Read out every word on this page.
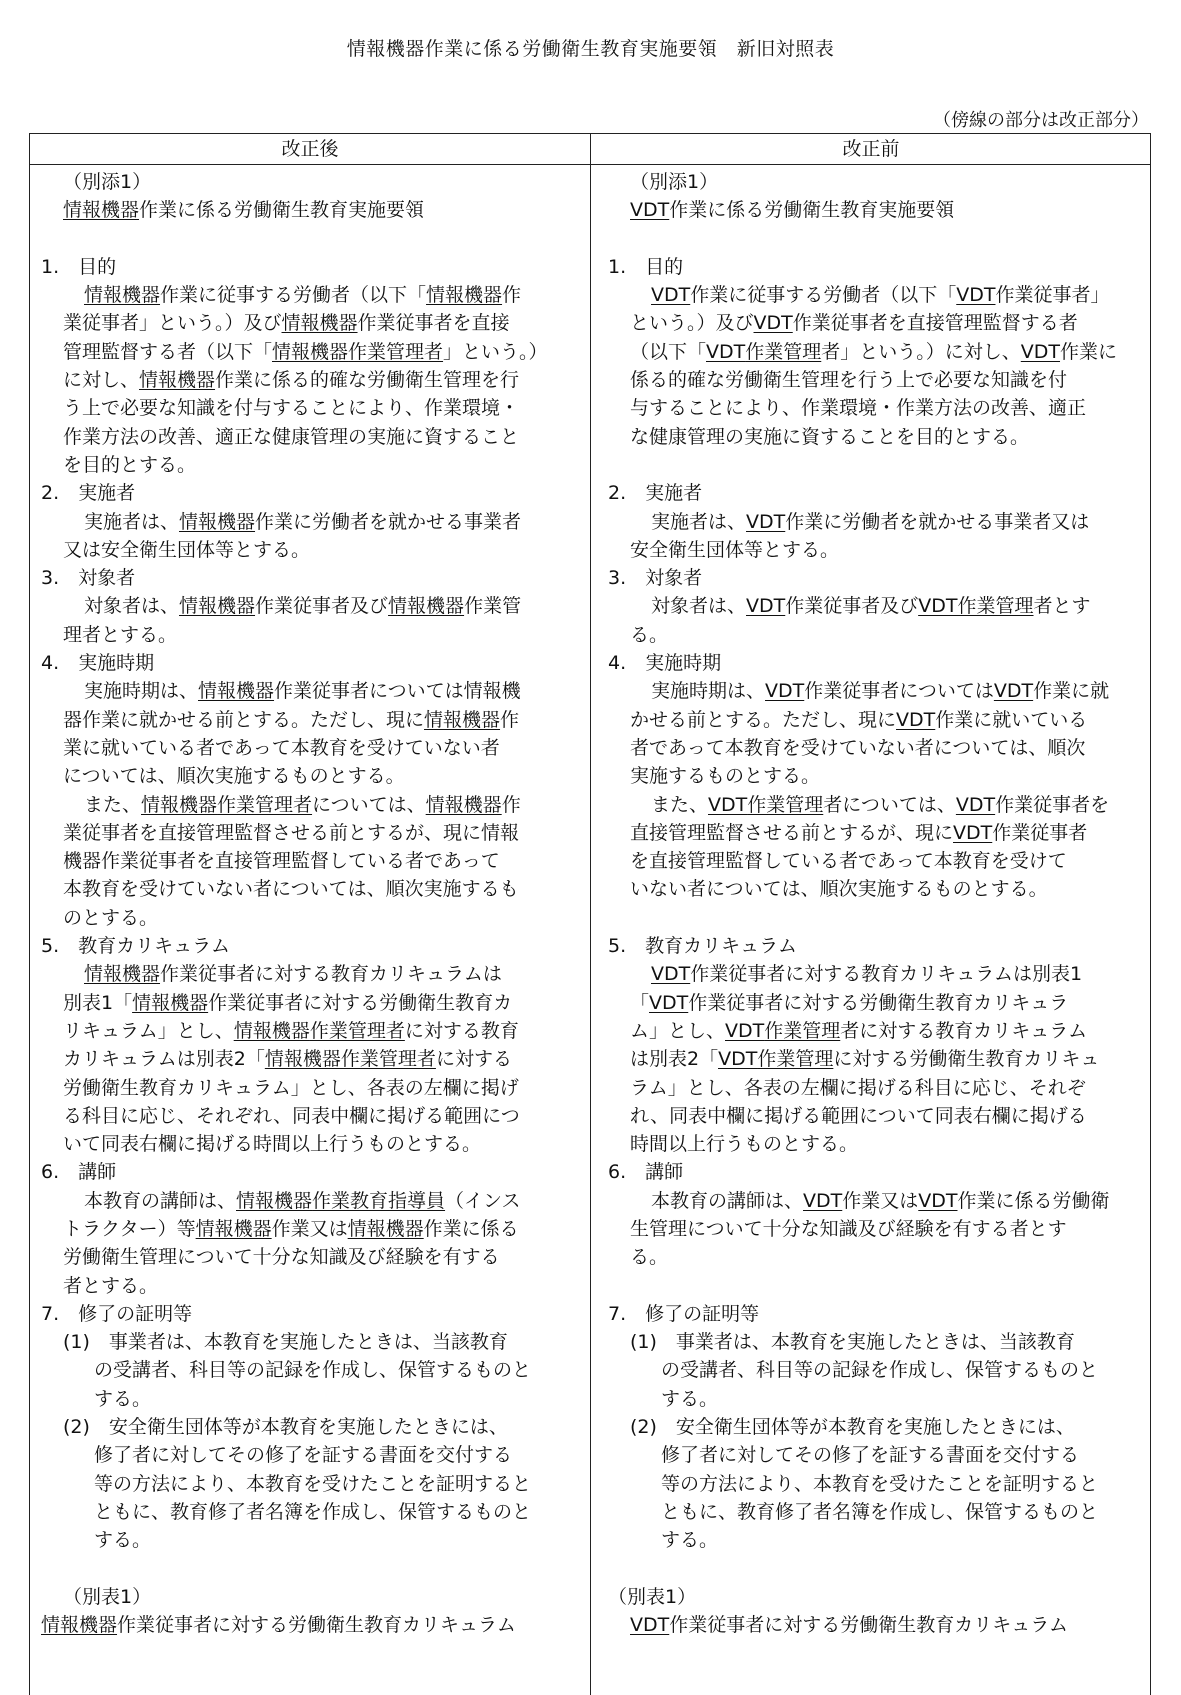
情報機器作業に係る労働衛生教育実施要領　新旧対照表
（傍線の部分は改正部分）
改正後	改正前
（別添1）
情報機器作業に係る労働衛生教育実施要領
1.　目的
情報機器作業に従事する労働者（以下「情報機器作
業従事者」という。）及び情報機器作業従事者を直接
管理監督する者（以下「情報機器作業管理者」という。）
に対し、情報機器作業に係る的確な労働衛生管理を行
う上で必要な知識を付与することにより、作業環境・
作業方法の改善、適正な健康管理の実施に資すること
を目的とする。
2.　実施者
実施者は、情報機器作業に労働者を就かせる事業者
又は安全衛生団体等とする。
3.　対象者
対象者は、情報機器作業従事者及び情報機器作業管
理者とする。
4.　実施時期
実施時期は、情報機器作業従事者については情報機
器作業に就かせる前とする。ただし、現に情報機器作
業に就いている者であって本教育を受けていない者
については、順次実施するものとする。
また、情報機器作業管理者については、情報機器作
業従事者を直接管理監督させる前とするが、現に情報
機器作業従事者を直接管理監督している者であって
本教育を受けていない者については、順次実施するも
のとする。
5.　教育カリキュラム
情報機器作業従事者に対する教育カリキュラムは
別表1「情報機器作業従事者に対する労働衛生教育カ
リキュラム」とし、情報機器作業管理者に対する教育
カリキュラムは別表2「情報機器作業管理者に対する
労働衛生教育カリキュラム」とし、各表の左欄に掲げ
る科目に応じ、それぞれ、同表中欄に掲げる範囲につ
いて同表右欄に掲げる時間以上行うものとする。
6.　講師
本教育の講師は、情報機器作業教育指導員（インス
トラクター）等情報機器作業又は情報機器作業に係る
労働衛生管理について十分な知識及び経験を有する
者とする。
7.　修了の証明等
(1)　事業者は、本教育を実施したときは、当該教育
の受講者、科目等の記録を作成し、保管するものと
する。
(2)　安全衛生団体等が本教育を実施したときには、
修了者に対してその修了を証する書面を交付する
等の方法により、本教育を受けたことを証明すると
ともに、教育修了者名簿を作成し、保管するものと
する。
（別表1）
情報機器作業従事者に対する労働衛生教育カリキュラム
（別添1）
VDT作業に係る労働衛生教育実施要領
1.　目的
VDT作業に従事する労働者（以下「VDT作業従事者」
という。）及びVDT作業従事者を直接管理監督する者
（以下「VDT作業管理者」という。）に対し、VDT作業に
係る的確な労働衛生管理を行う上で必要な知識を付
与することにより、作業環境・作業方法の改善、適正
な健康管理の実施に資することを目的とする。
2.　実施者
実施者は、VDT作業に労働者を就かせる事業者又は
安全衛生団体等とする。
3.　対象者
対象者は、VDT作業従事者及びVDT作業管理者とす
る。
4.　実施時期
実施時期は、VDT作業従事者についてはVDT作業に就
かせる前とする。ただし、現にVDT作業に就いている
者であって本教育を受けていない者については、順次
実施するものとする。
また、VDT作業管理者については、VDT作業従事者を
直接管理監督させる前とするが、現にVDT作業従事者
を直接管理監督している者であって本教育を受けて
いない者については、順次実施するものとする。
5.　教育カリキュラム
VDT作業従事者に対する教育カリキュラムは別表1
「VDT作業従事者に対する労働衛生教育カリキュラ
ム」とし、VDT作業管理者に対する教育カリキュラム
は別表2「VDT作業管理に対する労働衛生教育カリキュ
ラム」とし、各表の左欄に掲げる科目に応じ、それぞ
れ、同表中欄に掲げる範囲について同表右欄に掲げる
時間以上行うものとする。
6.　講師
本教育の講師は、VDT作業又はVDT作業に係る労働衛
生管理について十分な知識及び経験を有する者とす
る。
7.　修了の証明等
(1)　事業者は、本教育を実施したときは、当該教育
の受講者、科目等の記録を作成し、保管するものと
する。
(2)　安全衛生団体等が本教育を実施したときには、
修了者に対してその修了を証する書面を交付する
等の方法により、本教育を受けたことを証明すると
ともに、教育修了者名簿を作成し、保管するものと
する。
（別表1）
VDT作業従事者に対する労働衛生教育カリキュラム
